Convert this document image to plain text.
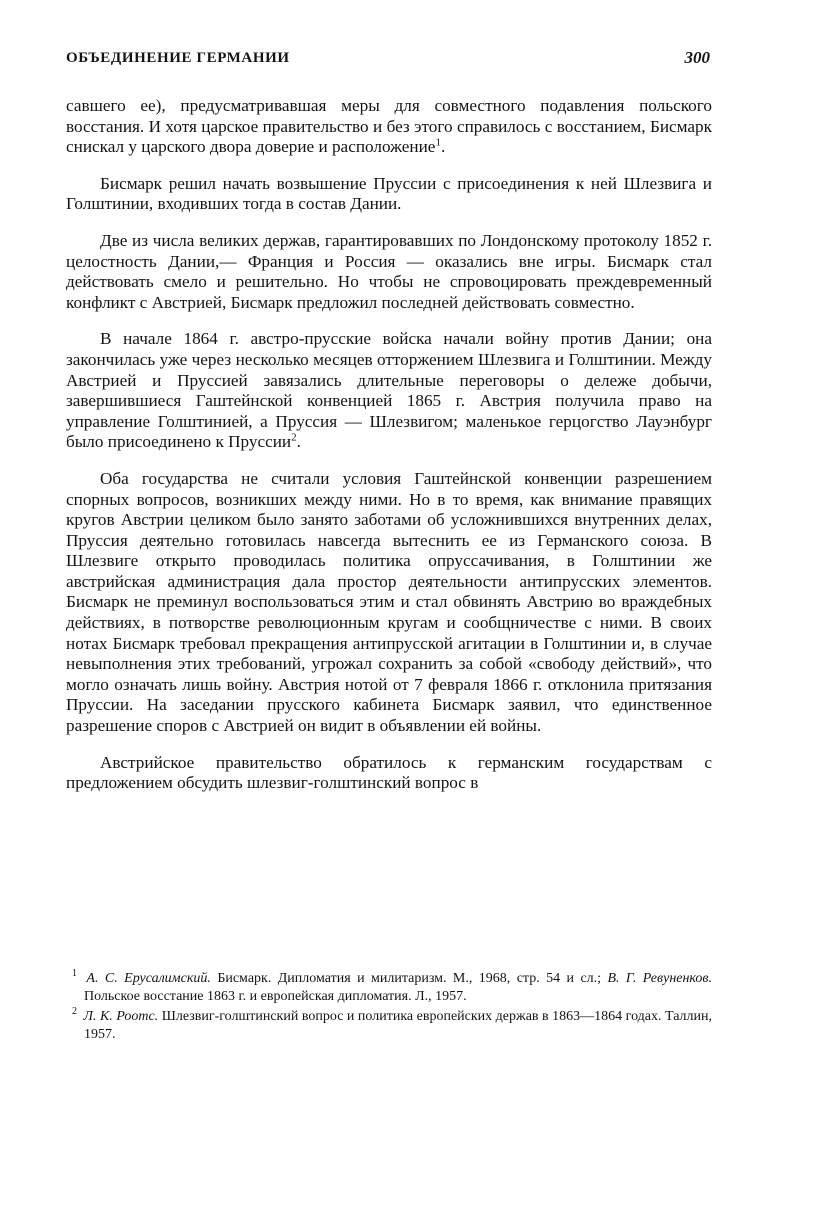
ОБЪЕДИНЕНИЕ ГЕРМАНИИ	300

савшего ее), предусматривавшая меры для совместного подавления польского восстания. И хотя царское правительство и без этого справилось с восстанием, Бисмарк снискал у царского двора доверие и расположение$^1$.

Бисмарк решил начать возвышение Пруссии с присоединения к ней Шлезвига и Голштинии, входивших тогда в состав Дании.

Две из числа великих держав, гарантировавших по Лондонскому протоколу 1852 г. целостность Дании,— Франция и Россия — оказались вне игры. Бисмарк стал действовать смело и решительно. Но чтобы не спровоцировать преждевременный конфликт с Австрией, Бисмарк предложил последней действовать совместно.

В начале 1864 г. австро-прусские войска начали войну против Дании; она закончилась уже через несколько месяцев отторжением Шлезвига и Голштинии. Между Австрией и Пруссией завязались длительные переговоры о дележе добычи, завершившиеся Гаштейнской конвенцией 1865 г. Австрия получила право на управление Голштинией, а Пруссия — Шлезвигом; маленькое герцогство Лауэнбург было присоединено к Пруссии$^2$.

Оба государства не считали условия Гаштейнской конвенции разрешением спорных вопросов, возникших между ними. Но в то время, как внимание правящих кругов Австрии целиком было занято заботами об усложнившихся внутренних делах, Пруссия деятельно готовилась навсегда вытеснить ее из Германского союза. В Шлезвиге открыто проводилась политика опруссачивания, в Голштинии же австрийская администрация дала простор деятельности антипрусских элементов. Бисмарк не преминул воспользоваться этим и стал обвинять Австрию во враждебных действиях, в потворстве революционным кругам и сообщничестве с ними. В своих нотах Бисмарк требовал прекращения антипрусской агитации в Голштинии и, в случае невыполнения этих требований, угрожал сохранить за собой «свободу действий», что могло означать лишь войну. Австрия нотой от 7 февраля 1866 г. отклонила притязания Пруссии. На заседании прусского кабинета Бисмарк заявил, что единственное разрешение споров с Австрией он видит в объявлении ей войны.

Австрийское правительство обратилось к германским государствам с предложением обсудить шлезвиг-голштинский вопрос в

$^1$ А. С. Ерусалимский. Бисмарк. Дипломатия и милитаризм. М., 1968, стр. 54 и сл.; В. Г. Ревуненков. Польское восстание 1863 г. и европейская дипломатия. Л., 1957.
$^2$ Л. К. Роотс. Шлезвиг-голштинский вопрос и политика европейских держав в 1863—1864 годах. Таллин, 1957.
